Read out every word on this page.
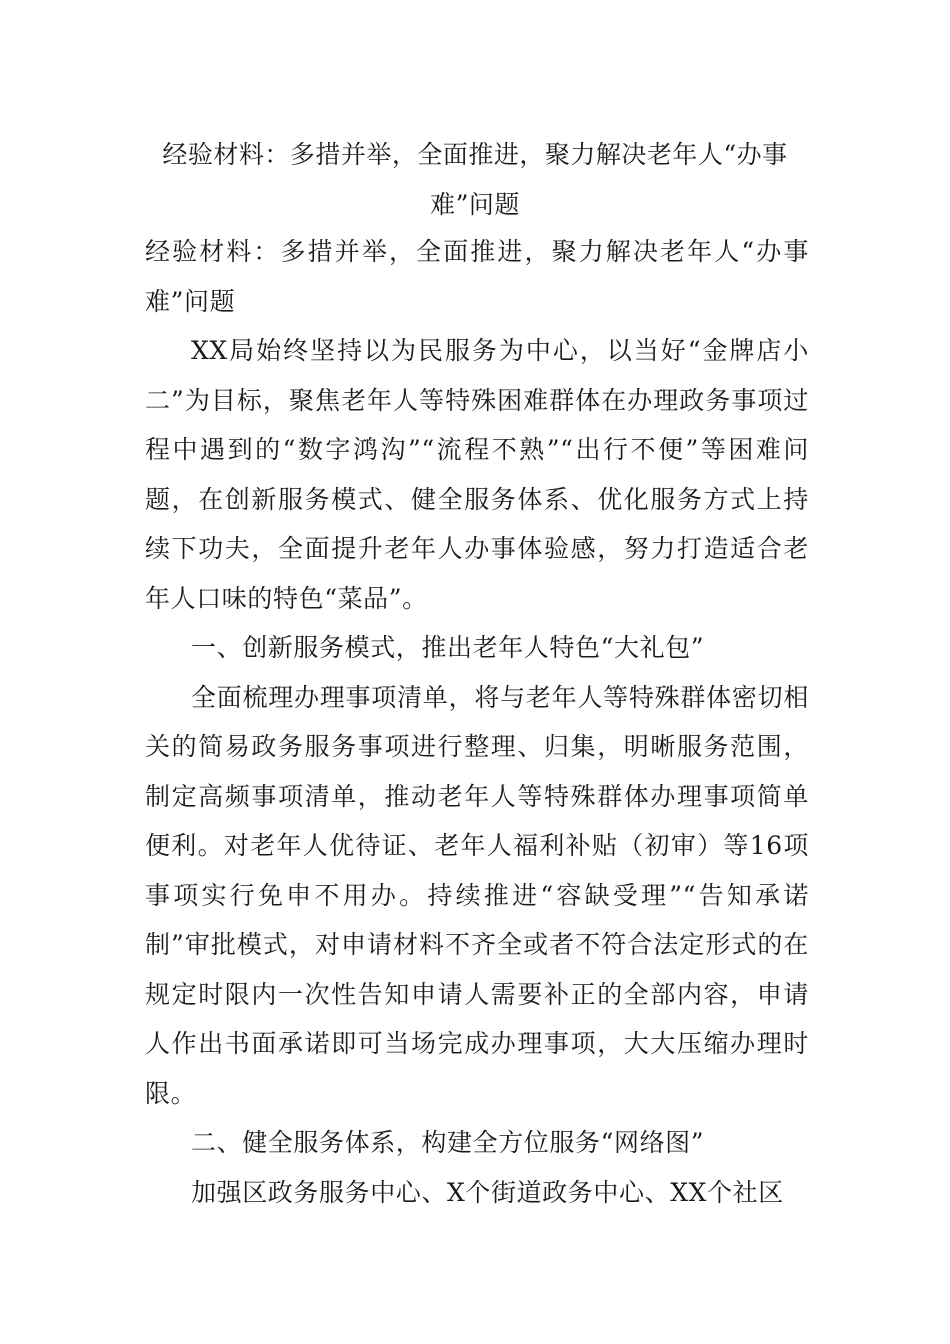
经验材料：多措并举，全面推进，聚力解决老年人“办事难”问题

经验材料：多措并举，全面推进，聚力解决老年人“办事难”问题

XX局始终坚持以为民服务为中心，以当好“金牌店小二”为目标，聚焦老年人等特殊困难群体在办理政务事项过程中遇到的“数字鸿沟”“流程不熟”“出行不便”等困难问题，在创新服务模式、健全服务体系、优化服务方式上持续下功夫，全面提升老年人办事体验感，努力打造适合老年人口味的特色“菜品”。

一、创新服务模式，推出老年人特色“大礼包”

全面梳理办理事项清单，将与老年人等特殊群体密切相关的简易政务服务事项进行整理、归集，明晰服务范围，制定高频事项清单，推动老年人等特殊群体办理事项简单便利。对老年人优待证、老年人福利补贴（初审）等16项事项实行免申不用办。持续推进“容缺受理”“告知承诺制”审批模式，对申请材料不齐全或者不符合法定形式的在规定时限内一次性告知申请人需要补正的全部内容，申请人作出书面承诺即可当场完成办理事项，大大压缩办理时限。

二、健全服务体系，构建全方位服务“网络图”

加强区政务服务中心、X个街道政务中心、XX个社区
